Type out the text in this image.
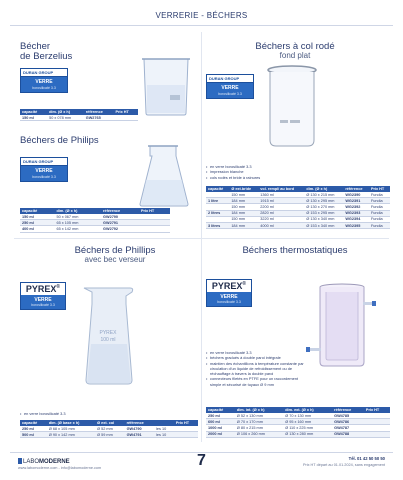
VERRERIE - BÉCHERS
Bécher
de Berzelius
DURAN GROUP
VERRE
borosilicaté 3.3
capacité	dim. (Ø x h)	référence	Prix HT
150 ml	50 x 078 mm	GW2765	
Béchers de Philips
DURAN GROUP
VERRE
borosilicaté 3.3
capacité	dim. (Ø x h)	référence	Prix HT
150 ml	50 x 067 mm	GW2790	
250 ml	65 x 105 mm	GW2791	
400 ml	65 x 142 mm	GW2792	
Béchers à col rodé
fond plat
DURAN GROUP
VERRE
borosilicaté 3.3
• en verre borosilicaté 3.3
• impression blanche
• cols rodés et bride à rainures
capacité	Ø ext.bride	vol. rempli au bord	dim. (Ø x h)	référence	Prix HT
	150 mm	1360 ml	Ø 130 x 215 mm	WG2390	Fundia
1 litre	184 mm	1915 ml	Ø 130 x 295 mm	WG2391	Fundia
	150 mm	2200 ml	Ø 130 x 270 mm	WG2392	Fundia
2 litres	184 mm	2820 ml	Ø 153 x 295 mm	WG2393	Fundia
	150 mm	3220 ml	Ø 130 x 340 mm	WG2394	Fundia
3 litres	184 mm	4000 ml	Ø 153 x 340 mm	WG2395	Fundia
Béchers de Phillips
avec bec verseur
PYREX®
VERRE
borosilicaté 3.3
PYREX
100 ml
• en verre borosilicaté 3.3
capacité	dim. (Ø base x h)	Ø ext. col	référence		Prix HT
250 ml	Ø 68 x 105 mm	Ø 52 mm	GW4790	les 10	
500 ml	Ø 90 x 142 mm	Ø 59 mm	GW4791	les 10	
Béchers thermostatiques
PYREX®
VERRE
borosilicaté 3.3
• en verre borosilicaté 3.3
• béchers gradués à double paroi intégrale
• maintien des échantillons à température constante par circulation d'un liquide de refroidissement ou de réchauffage à travers la double paroi
• connecteurs filetés en PTFE pour un raccordement simple et sécurisé de tuyaux Ø 9 mm
capacité	dim. int. (Ø x h)	dim. ext. (Ø x h)	référence	Prix HT
250 ml	Ø 52 x 130 mm	Ø 70 x 130 mm	GW4785	
600 ml	Ø 70 x 170 mm	Ø 95 x 160 mm	GW4786	
1000 ml	Ø 80 x 215 mm	Ø 110 x 225 mm	GW4787	
2000 ml	Ø 106 x 260 mm	Ø 130 x 280 mm	GW4788	
LABOMODERNE
www.labomoderne.com - info@labomoderne.com	7	Tél. 01 42 50 50 50
Prix HT départ au 01.01.2024, sans engagement
